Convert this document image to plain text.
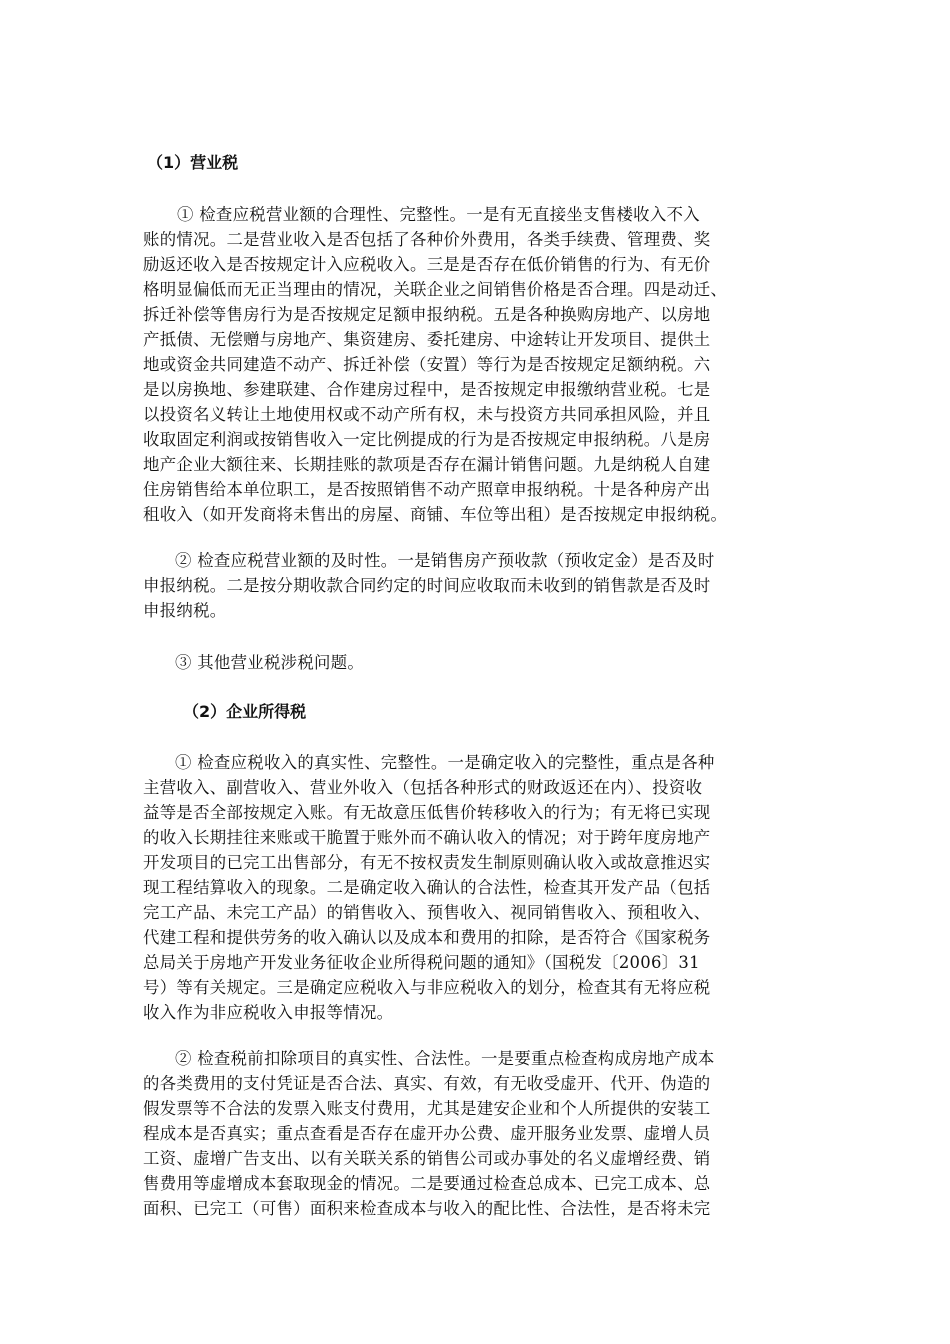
（1）营业税
① 检查应税营业额的合理性、完整性。一是有无直接坐支售楼收入不入
账的情况。二是营业收入是否包括了各种价外费用，各类手续费、管理费、奖
励返还收入是否按规定计入应税收入。三是是否存在低价销售的行为、有无价
格明显偏低而无正当理由的情况，关联企业之间销售价格是否合理。四是动迁、
拆迁补偿等售房行为是否按规定足额申报纳税。五是各种换购房地产、以房地
产抵债、无偿赠与房地产、集资建房、委托建房、中途转让开发项目、提供土
地或资金共同建造不动产、拆迁补偿（安置）等行为是否按规定足额纳税。六
是以房换地、参建联建、合作建房过程中，是否按规定申报缴纳营业税。七是
以投资名义转让土地使用权或不动产所有权，未与投资方共同承担风险，并且
收取固定利润或按销售收入一定比例提成的行为是否按规定申报纳税。八是房
地产企业大额往来、长期挂账的款项是否存在漏计销售问题。九是纳税人自建
住房销售给本单位职工，是否按照销售不动产照章申报纳税。十是各种房产出
租收入（如开发商将未售出的房屋、商铺、车位等出租）是否按规定申报纳税。
② 检查应税营业额的及时性。一是销售房产预收款（预收定金）是否及时
申报纳税。二是按分期收款合同约定的时间应收取而未收到的销售款是否及时
申报纳税。
③ 其他营业税涉税问题。
（2）企业所得税
① 检查应税收入的真实性、完整性。一是确定收入的完整性，重点是各种
主营收入、副营收入、营业外收入（包括各种形式的财政返还在内）、投资收
益等是否全部按规定入账。有无故意压低售价转移收入的行为；有无将已实现
的收入长期挂往来账或干脆置于账外而不确认收入的情况；对于跨年度房地产
开发项目的已完工出售部分，有无不按权责发生制原则确认收入或故意推迟实
现工程结算收入的现象。二是确定收入确认的合法性，检查其开发产品（包括
完工产品、未完工产品）的销售收入、预售收入、视同销售收入、预租收入、
代建工程和提供劳务的收入确认以及成本和费用的扣除，是否符合《国家税务
总局关于房地产开发业务征收企业所得税问题的通知》（国税发〔2006〕31
号）等有关规定。三是确定应税收入与非应税收入的划分，检查其有无将应税
收入作为非应税收入申报等情况。
② 检查税前扣除项目的真实性、合法性。一是要重点检查构成房地产成本
的各类费用的支付凭证是否合法、真实、有效，有无收受虚开、代开、伪造的
假发票等不合法的发票入账支付费用，尤其是建安企业和个人所提供的安装工
程成本是否真实；重点查看是否存在虚开办公费、虚开服务业发票、虚增人员
工资、虚增广告支出、以有关联关系的销售公司或办事处的名义虚增经费、销
售费用等虚增成本套取现金的情况。二是要通过检查总成本、已完工成本、总
面积、已完工（可售）面积来检查成本与收入的配比性、合法性，是否将未完
